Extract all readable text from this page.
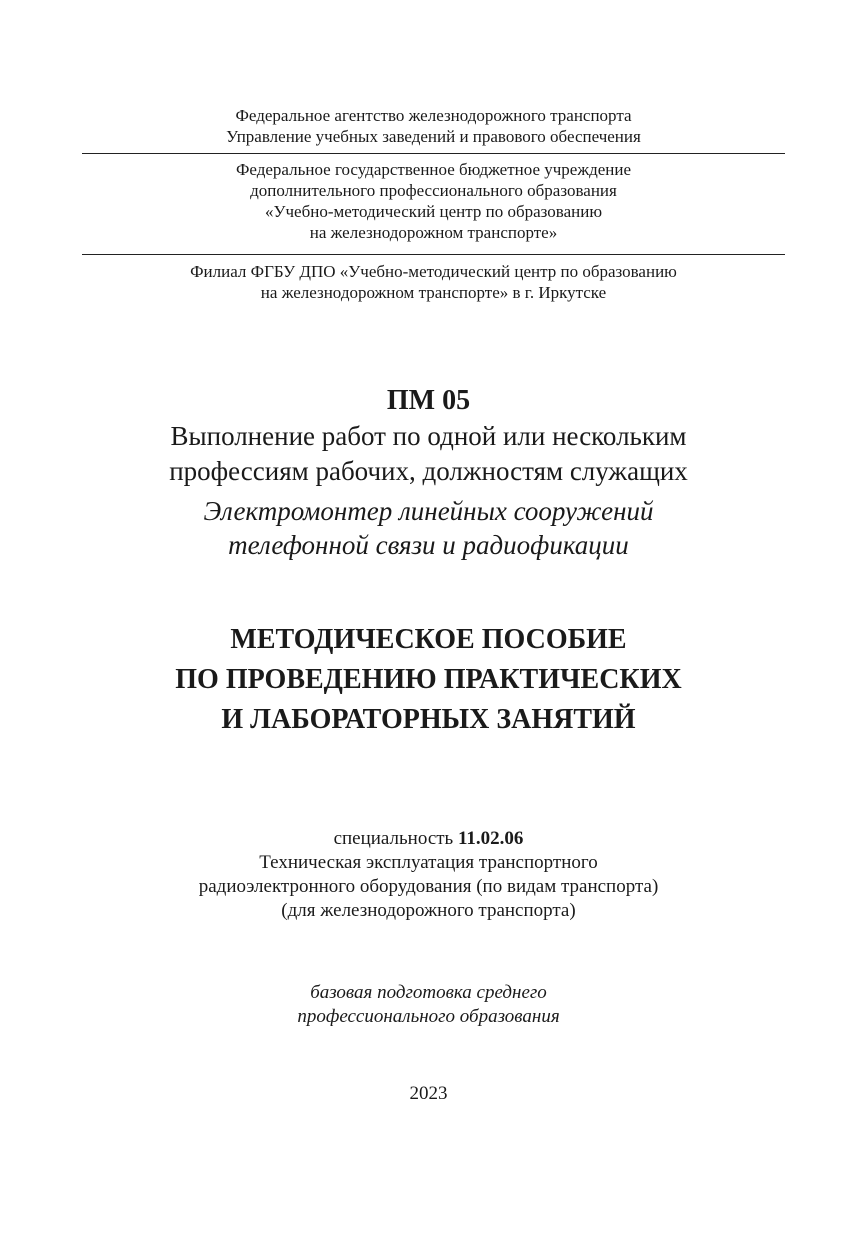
Федеральное агентство железнодорожного транспорта
Управление учебных заведений и правового обеспечения
Федеральное государственное бюджетное учреждение
дополнительного профессионального образования
«Учебно-методический центр по образованию
на железнодорожном транспорте»
Филиал ФГБУ ДПО «Учебно-методический центр по образованию
на железнодорожном транспорте» в г. Иркутске
ПМ 05
Выполнение работ по одной или нескольким
профессиям рабочих, должностям служащих
Электромонтер линейных сооружений
телефонной связи и радиофикации
МЕТОДИЧЕСКОЕ ПОСОБИЕ
ПО ПРОВЕДЕНИЮ ПРАКТИЧЕСКИХ
И ЛАБОРАТОРНЫХ ЗАНЯТИЙ
специальность 11.02.06
Техническая эксплуатация транспортного
радиоэлектронного оборудования (по видам транспорта)
(для железнодорожного транспорта)
базовая подготовка среднего
профессионального образования
2023
